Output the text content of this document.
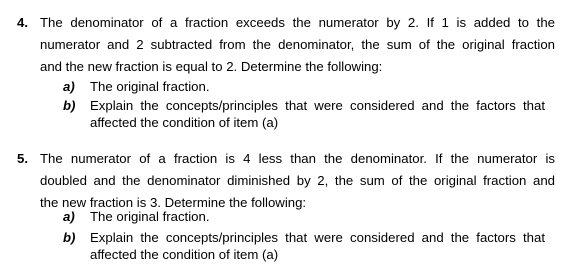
4. The denominator of a fraction exceeds the numerator by 2. If 1 is added to the
numerator and 2 subtracted from the denominator, the sum of the original fraction
and the new fraction is equal to 2. Determine the following:
a) The original fraction.
b) Explain the concepts/principles that were considered and the factors that
affected the condition of item (a)
5. The numerator of a fraction is 4 less than the denominator. If the numerator is
doubled and the denominator diminished by 2, the sum of the original fraction and
the new fraction is 3. Determine the following:
a) The original fraction.
b) Explain the concepts/principles that were considered and the factors that
affected the condition of item (a)
